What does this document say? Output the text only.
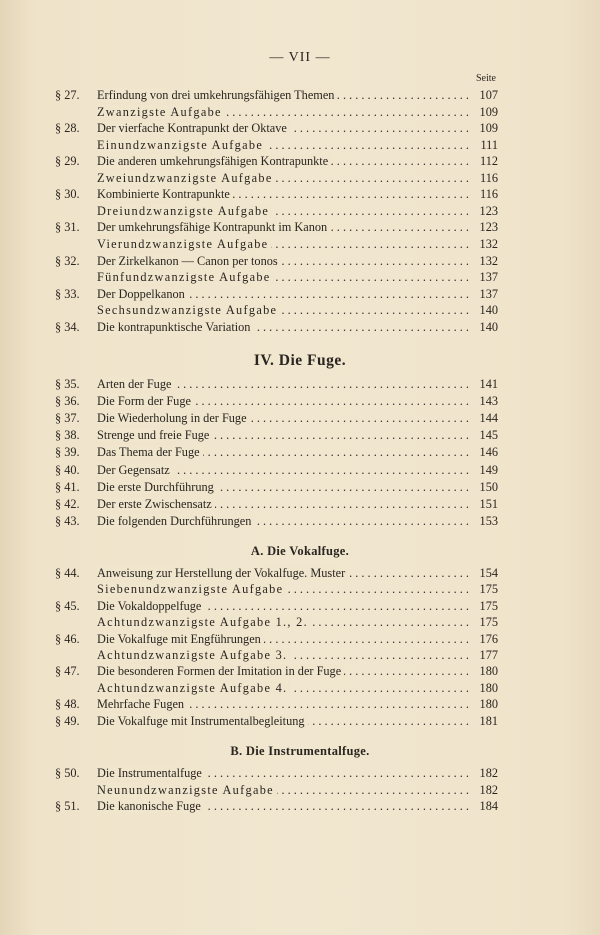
— VII —
Seite
§ 27.	Erfindung von drei umkehrungsfähigen Themen . . .	107
Zwanzigste Aufgabe . . .	109
§ 28.	Der vierfache Kontrapunkt der Oktave . . .	109
Einundzwanzigste Aufgabe . . .	111
§ 29.	Die anderen umkehrungsfähigen Kontrapunkte . . .	112
Zweiundzwanzigste Aufgabe . . .	116
§ 30.	Kombinierte Kontrapunkte . . .	116
Dreiundzwanzigste Aufgabe . . .	123
§ 31.	Der umkehrungsfähige Kontrapunkt im Kanon . . .	123
Vierundzwanzigste Aufgabe . . .	132
§ 32.	Der Zirkelkanon — Canon per tonos . . .	132
Fünfundzwanzigste Aufgabe . . .	137
§ 33.	Der Doppelkanon . . .	137
Sechsundzwanzigste Aufgabe . . .	140
§ 34.	Die kontrapunktische Variation . . .	140
IV. Die Fuge.
§ 35.	Arten der Fuge . . .	141
§ 36.	Die Form der Fuge . . .	143
§ 37.	Die Wiederholung in der Fuge . . .	144
§ 38.	Strenge und freie Fuge . . .	145
§ 39.	Das Thema der Fuge . . .	146
§ 40.	Der Gegensatz . . .	149
§ 41.	Die erste Durchführung . . .	150
§ 42.	Der erste Zwischensatz . . .	151
§ 43.	Die folgenden Durchführungen . . .	153
A. Die Vokalfuge.
§ 44.	Anweisung zur Herstellung der Vokalfuge. Muster . . .	154
Siebenundzwanzigste Aufgabe . . .	175
§ 45.	Die Vokaldoppelfuge . . .	175
Achtundzwanzigste Aufgabe 1., 2. . . .	175
§ 46.	Die Vokalfuge mit Engführungen . . .	176
Achtundzwanzigste Aufgabe 3. . . .	177
§ 47.	Die besonderen Formen der Imitation in der Fuge . . .	180
Achtundzwanzigste Aufgabe 4. . . .	180
§ 48.	Mehrfache Fugen . . .	180
§ 49.	Die Vokalfuge mit Instrumentalbegleitung . . .	181
B. Die Instrumentalfuge.
§ 50.	Die Instrumentalfuge . . .	182
Neunundzwanzigste Aufgabe . . .	182
§ 51.	Die kanonische Fuge . . .	184
